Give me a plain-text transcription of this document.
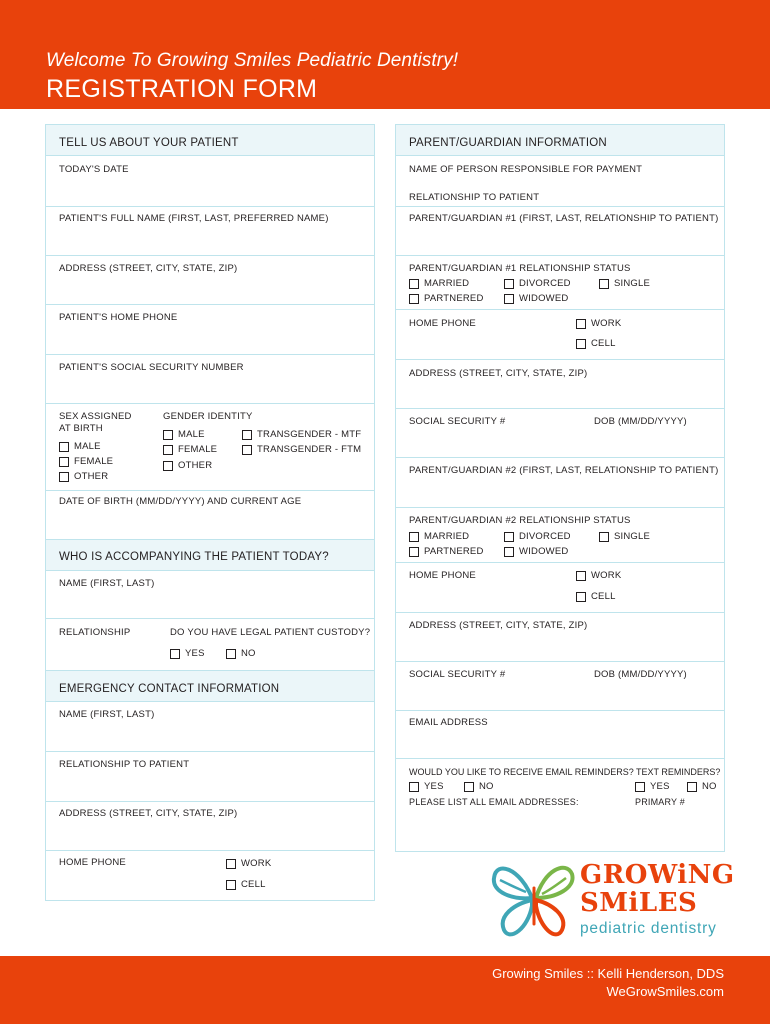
Welcome To Growing Smiles Pediatric Dentistry!
REGISTRATION FORM
TELL US ABOUT YOUR PATIENT
TODAY'S DATE
PATIENT'S FULL NAME (FIRST, LAST, PREFERRED NAME)
ADDRESS (STREET, CITY, STATE, ZIP)
PATIENT'S HOME PHONE
PATIENT'S SOCIAL SECURITY NUMBER
SEX ASSIGNED
AT BIRTH
MALE
FEMALE
OTHER
GENDER IDENTITY
MALE
FEMALE
OTHER
TRANSGENDER - MTF
TRANSGENDER - FTM
DATE OF BIRTH (MM/DD/YYYY) AND CURRENT AGE
WHO IS ACCOMPANYING THE PATIENT TODAY?
NAME (FIRST, LAST)
RELATIONSHIP	DO YOU HAVE LEGAL PATIENT CUSTODY?
YES	NO
EMERGENCY CONTACT INFORMATION
NAME (FIRST, LAST)
RELATIONSHIP TO PATIENT
ADDRESS (STREET, CITY, STATE, ZIP)
HOME PHONE	WORK
CELL
PARENT/GUARDIAN INFORMATION
NAME OF PERSON RESPONSIBLE FOR PAYMENT
RELATIONSHIP TO PATIENT
PARENT/GUARDIAN #1 (FIRST, LAST, RELATIONSHIP TO PATIENT)
PARENT/GUARDIAN #1 RELATIONSHIP STATUS
MARRIED	DIVORCED	SINGLE
PARTNERED	WIDOWED
HOME PHONE	WORK
CELL
ADDRESS (STREET, CITY, STATE, ZIP)
SOCIAL SECURITY #	DOB (MM/DD/YYYY)
PARENT/GUARDIAN #2 (FIRST, LAST, RELATIONSHIP TO PATIENT)
PARENT/GUARDIAN #2 RELATIONSHIP STATUS
MARRIED	DIVORCED	SINGLE
PARTNERED	WIDOWED
HOME PHONE	WORK
CELL
ADDRESS (STREET, CITY, STATE, ZIP)
SOCIAL SECURITY #	DOB (MM/DD/YYYY)
EMAIL ADDRESS
WOULD YOU LIKE TO RECEIVE EMAIL REMINDERS? TEXT REMINDERS?
YES	NO	YES	NO
PLEASE LIST ALL EMAIL ADDRESSES:	PRIMARY #
GROWiNG
SMiLES
pediatric dentistry
Growing Smiles :: Kelli Henderson, DDS
WeGrowSmiles.com
